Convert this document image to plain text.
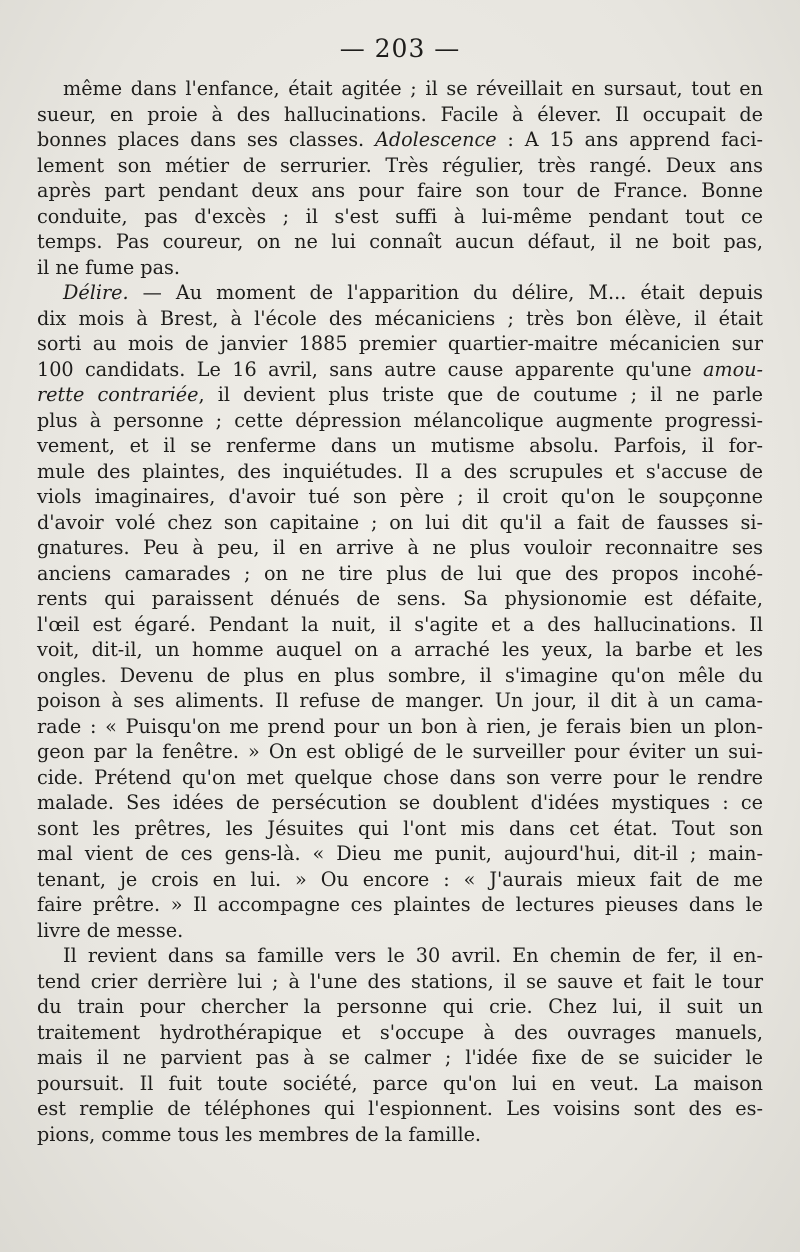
— 203 —
même dans l'enfance, était agitée ; il se réveillait en sursaut, tout en
sueur, en proie à des hallucinations. Facile à élever. Il occupait de
bonnes places dans ses classes. Adolescence : A 15 ans apprend faci-
lement son métier de serrurier. Très régulier, très rangé. Deux ans
après part pendant deux ans pour faire son tour de France. Bonne
conduite, pas d'excès ; il s'est suffi à lui-même pendant tout ce
temps. Pas coureur, on ne lui connaît aucun défaut, il ne boit pas,
il ne fume pas.
Délire. — Au moment de l'apparition du délire, M... était depuis
dix mois à Brest, à l'école des mécaniciens ; très bon élève, il était
sorti au mois de janvier 1885 premier quartier-maitre mécanicien sur
100 candidats. Le 16 avril, sans autre cause apparente qu'une amou-
rette contrariée, il devient plus triste que de coutume ; il ne parle
plus à personne ; cette dépression mélancolique augmente progressi-
vement, et il se renferme dans un mutisme absolu. Parfois, il for-
mule des plaintes, des inquiétudes. Il a des scrupules et s'accuse de
viols imaginaires, d'avoir tué son père ; il croit qu'on le soupçonne
d'avoir volé chez son capitaine ; on lui dit qu'il a fait de fausses si-
gnatures. Peu à peu, il en arrive à ne plus vouloir reconnaitre ses
anciens camarades ; on ne tire plus de lui que des propos incohé-
rents qui paraissent dénués de sens. Sa physionomie est défaite,
l'œil est égaré. Pendant la nuit, il s'agite et a des hallucinations. Il
voit, dit-il, un homme auquel on a arraché les yeux, la barbe et les
ongles. Devenu de plus en plus sombre, il s'imagine qu'on mêle du
poison à ses aliments. Il refuse de manger. Un jour, il dit à un cama-
rade : « Puisqu'on me prend pour un bon à rien, je ferais bien un plon-
geon par la fenêtre. » On est obligé de le surveiller pour éviter un sui-
cide. Prétend qu'on met quelque chose dans son verre pour le rendre
malade. Ses idées de persécution se doublent d'idées mystiques : ce
sont les prêtres, les Jésuites qui l'ont mis dans cet état. Tout son
mal vient de ces gens-là. « Dieu me punit, aujourd'hui, dit-il ; main-
tenant, je crois en lui. » Ou encore : « J'aurais mieux fait de me
faire prêtre. » Il accompagne ces plaintes de lectures pieuses dans le
livre de messe.
Il revient dans sa famille vers le 30 avril. En chemin de fer, il en-
tend crier derrière lui ; à l'une des stations, il se sauve et fait le tour
du train pour chercher la personne qui crie. Chez lui, il suit un
traitement hydrothérapique et s'occupe à des ouvrages manuels,
mais il ne parvient pas à se calmer ; l'idée fixe de se suicider le
poursuit. Il fuit toute société, parce qu'on lui en veut. La maison
est remplie de téléphones qui l'espionnent. Les voisins sont des es-
pions, comme tous les membres de la famille.
